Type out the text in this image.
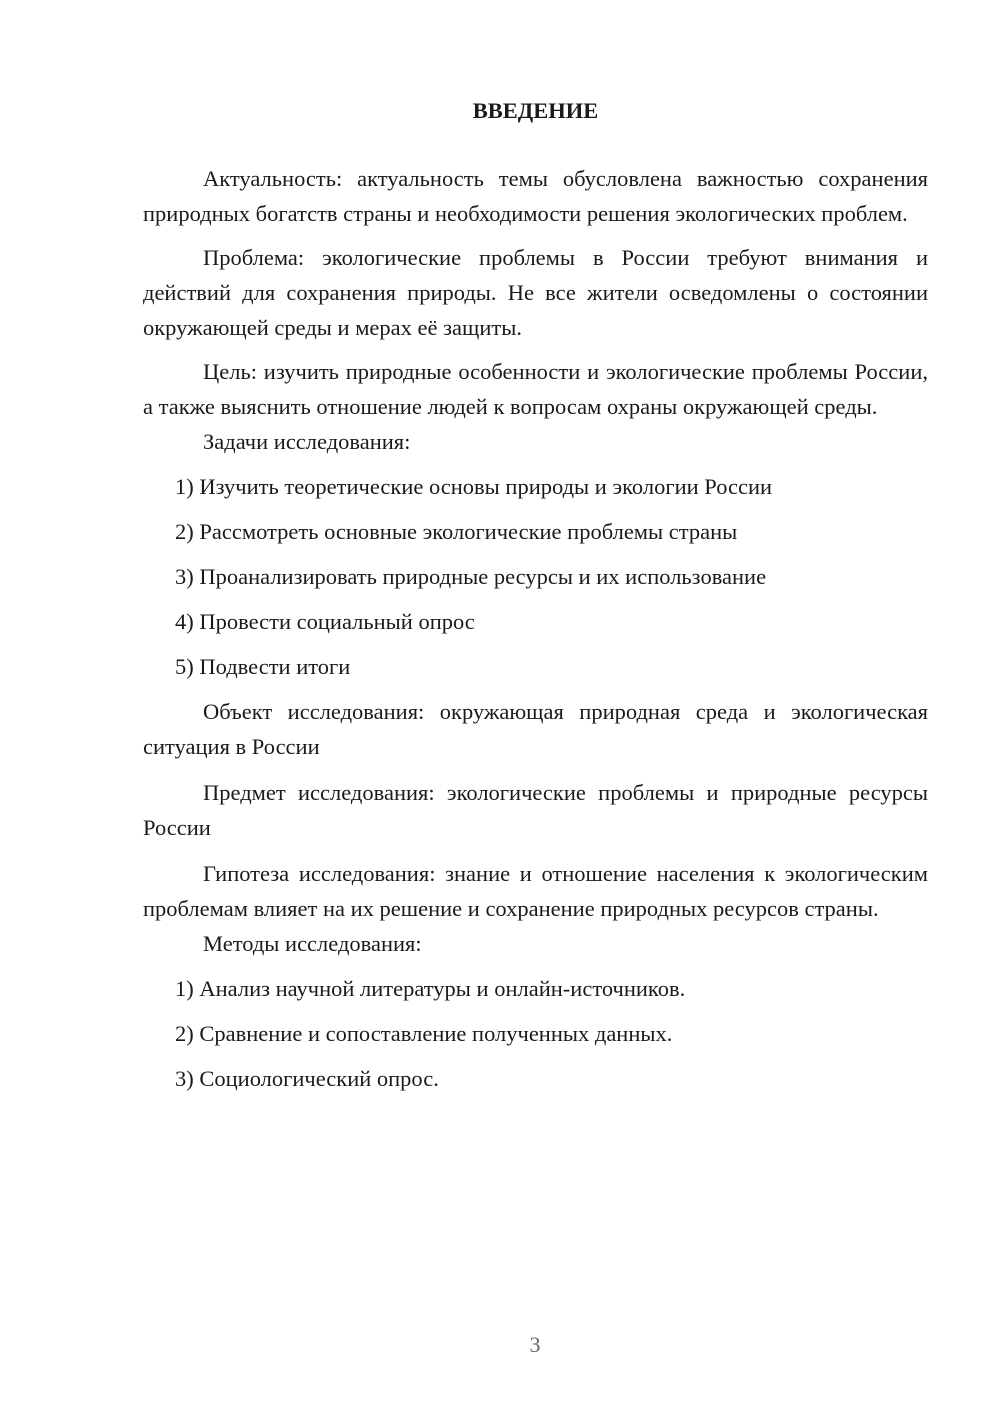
ВВЕДЕНИЕ

Актуальность: актуальность темы обусловлена важностью сохранения природных богатств страны и необходимости решения экологических проблем.

Проблема: экологические проблемы в России требуют внимания и действий для сохранения природы. Не все жители осведомлены о состоянии окружающей среды и мерах её защиты.

Цель: изучить природные особенности и экологические проблемы России, а также выяснить отношение людей к вопросам охраны окружающей среды.

Задачи исследования:

1) Изучить теоретические основы природы и экологии России

2) Рассмотреть основные экологические проблемы страны

3) Проанализировать природные ресурсы и их использование

4) Провести социальный опрос

5) Подвести итоги

Объект исследования: окружающая природная среда и экологическая ситуация в России

Предмет исследования: экологические проблемы и природные ресурсы России

Гипотеза исследования: знание и отношение населения к экологическим проблемам влияет на их решение и сохранение природных ресурсов страны.

Методы исследования:

1) Анализ научной литературы и онлайн-источников.

2) Сравнение и сопоставление полученных данных.

3) Социологический опрос.

3
